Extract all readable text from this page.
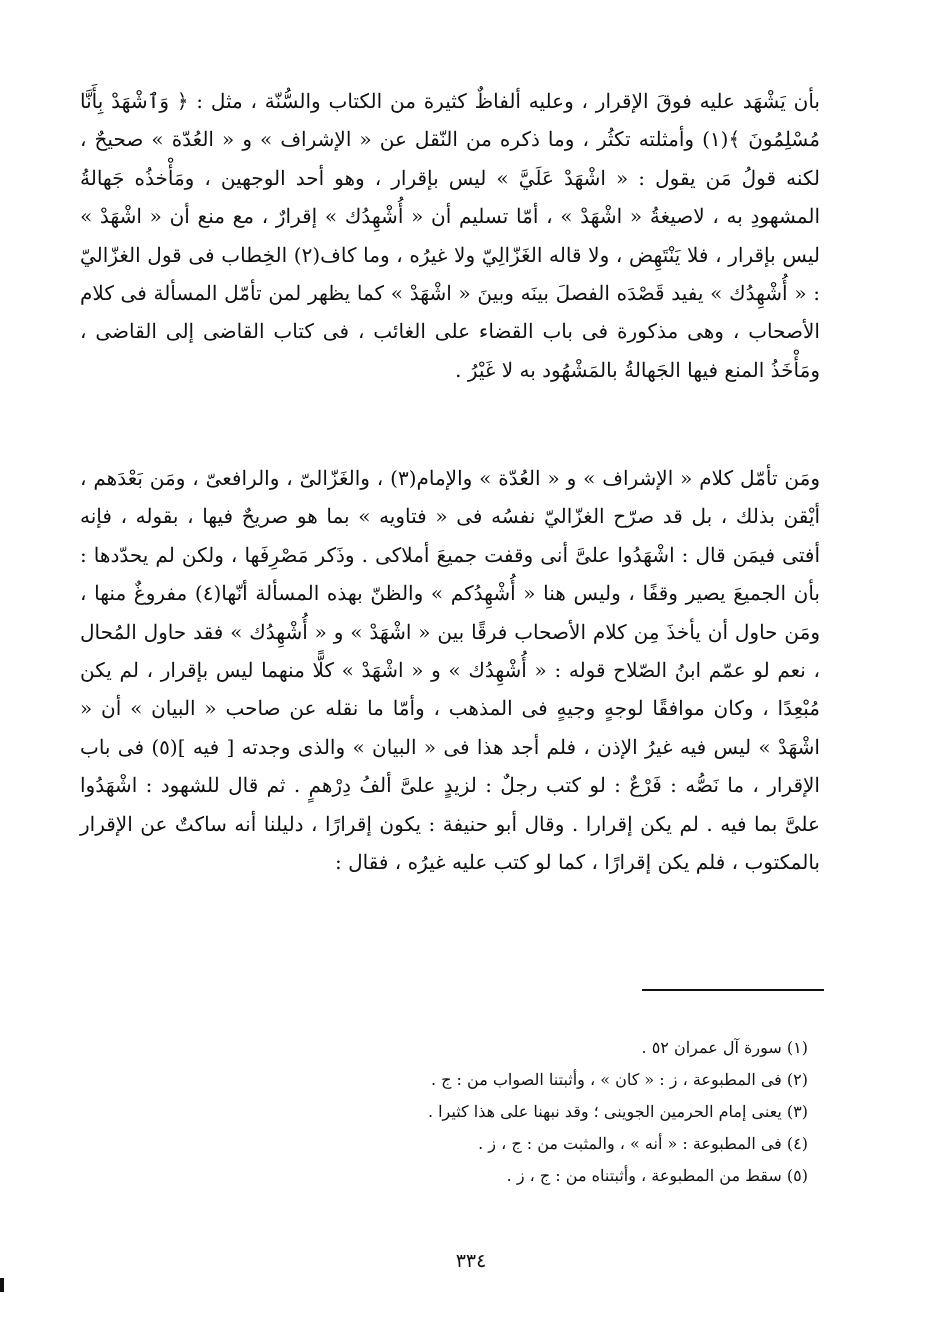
بأن يَشْهَد عليه فوقَ الإقرار ، وعليه ألفاظٌ كثيرة من الكتاب والسُّنّة ، مثل : ﴿ وَٱشْهَدْ بِأَنَّا مُسْلِمُونَ ﴾(١) وأمثلته تكثُر ، وما ذكره من النّقل عن « الإشراف » و « العُدّة » صحيحٌ ، لكنه قولُ مَن يقول : « اشْهَدْ عَلَيَّ » ليس بإقرار ، وهو أحد الوجهين ، ومَأْخذُه جَهالةُ المشهودِ به ، لاصيغةُ « اشْهَدْ » ، أمّا تسليم أن « أُشْهِدُك » إقرارٌ ، مع منع أن « اشْهَدْ » ليس بإقرار ، فلا يَنْتَهِض ، ولا قاله الغَزّالِيّ ولا غيرُه ، وما كاف(٢) الخِطاب فى قول الغزّاليّ : « أُشْهِدُك » يفيد قَصْدَه الفصلَ بينَه وبينَ « اشْهَدْ » كما يظهر لمن تأمّل المسألة فى كلام الأصحاب ، وهى مذكورة فى باب القضاء على الغائب ، فى كتاب القاضى إلى القاضى ، ومَأْخَذُ المنع فيها الجَهالةُ بالمَشْهُود به لا غَيْرُ .

ومَن تأمّل كلام « الإشراف » و « العُدّة » والإمام(٣) ، والغَزّالىّ ، والرافعىّ ، ومَن بَعْدَهم ، أيْقن بذلك ، بل قد صرّح الغزّاليّ نفسُه فى « فتاويه » بما هو صريحٌ فيها ، بقوله ، فإنه أفتى فيمَن قال : اشْهَدُوا علىَّ أنى وقفت جميعَ أملاكى . وذَكر مَصْرِفَها ، ولكن لم يحدّدها : بأن الجميعَ يصير وقفًا ، وليس هنا « أُشْهِدُكم » والظنّ بهذه المسألة أنّها(٤) مفروغٌ منها ، ومَن حاول أن يأخذَ مِن كلام الأصحاب فرقًا بين « اشْهَدْ » و « أُشْهِدُك » فقد حاول المُحال ، نعم لو عمّم ابنُ الصّلاح قوله : « أُشْهِدُك » و « اشْهَدْ » كلًّا منهما ليس بإقرار ، لم يكن مُبْعِدًا ، وكان موافقًا لوجهٍ وجيهٍ فى المذهب ، وأمّا ما نقله عن صاحب « البيان » أن « اشْهَدْ » ليس فيه غيرُ الإذن ، فلم أجد هذا فى « البيان » والذى وجدته [ فيه ](٥) فى باب الإقرار ، ما نَصُّه : فَرْعٌ : لو كتب رجلٌ : لزيدٍ علىَّ ألفُ دِرْهمٍ . ثم قال للشهود : اشْهَدُوا علىَّ بما فيه . لم يكن إقرارا . وقال أبو حنيفة : يكون إقرارًا ، دليلنا أنه ساكتٌ عن الإقرار بالمكتوب ، فلم يكن إقرارًا ، كما لو كتب عليه غيرُه ، فقال :

(١) سورة آل عمران ٥٢ .
(٢) فى المطبوعة ، ز : « كان » ، وأثبتنا الصواب من : ج .
(٣) يعنى إمام الحرمين الجوينى ؛ وقد نبهنا على هذا كثيرا .
(٤) فى المطبوعة : « أنه » ، والمثبت من : ج ، ز .
(٥) سقط من المطبوعة ، وأثبتناه من : ج ، ز .
٣٣٤
